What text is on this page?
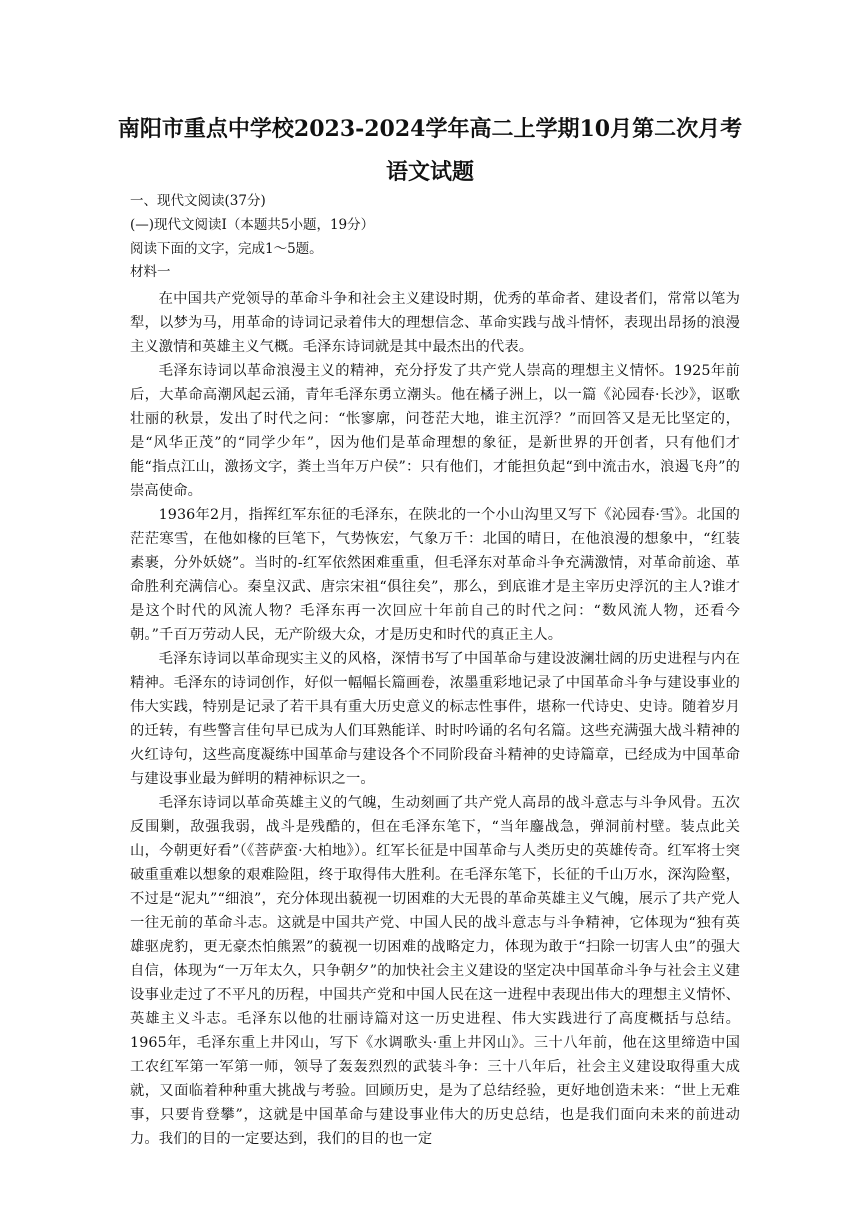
南阳市重点中学校2023-2024学年高二上学期10月第二次月考
语文试题

一、现代文阅读(37分)

(—)现代文阅读Ⅰ（本题共5小题，19分）

阅读下面的文字，完成1～5题。

材料一

在中国共产党领导的革命斗争和社会主义建设时期，优秀的革命者、建设者们，常常以笔为犁，以梦为马，用革命的诗词记录着伟大的理想信念、革命实践与战斗情怀，表现出昂扬的浪漫主义激情和英雄主义气概。毛泽东诗词就是其中最杰出的代表。

毛泽东诗词以革命浪漫主义的精神，充分抒发了共产党人崇高的理想主义情怀。1925年前后，大革命高潮风起云涌，青年毛泽东勇立潮头。他在橘子洲上，以一篇《沁园春·长沙》，讴歌壮丽的秋景，发出了时代之问：“怅寥廓，问苍茫大地，谁主沉浮？”而回答又是无比坚定的，是“风华正茂”的“同学少年”，因为他们是革命理想的象征，是新世界的开创者，只有他们才能“指点江山，激扬文字，粪土当年万户侯”：只有他们，才能担负起“到中流击水，浪遏飞舟”的崇高使命。

1936年2月，指挥红军东征的毛泽东，在陕北的一个小山沟里又写下《沁园春·雪》。北国的茫茫寒雪，在他如椽的巨笔下，气势恢宏，气象万千：北国的晴日，在他浪漫的想象中，“红装素裹，分外妖娆”。当时的-红军依然困难重重，但毛泽东对革命斗争充满激情，对革命前途、革命胜利充满信心。秦皇汉武、唐宗宋祖“俱往矣”，那么，到底谁才是主宰历史浮沉的主人?谁才是这个时代的风流人物？毛泽东再一次回应十年前自己的时代之问：“数风流人物，还看今朝。”千百万劳动人民，无产阶级大众，才是历史和时代的真正主人。

毛泽东诗词以革命现实主义的风格，深情书写了中国革命与建设波澜壮阔的历史进程与内在精神。毛泽东的诗词创作，好似一幅幅长篇画卷，浓墨重彩地记录了中国革命斗争与建设事业的伟大实践，特别是记录了若干具有重大历史意义的标志性事件，堪称一代诗史、史诗。随着岁月的迁转，有些警言佳句早已成为人们耳熟能详、时时吟诵的名句名篇。这些充满强大战斗精神的火红诗句，这些高度凝练中国革命与建设各个不同阶段奋斗精神的史诗篇章，已经成为中国革命与建设事业最为鲜明的精神标识之一。

毛泽东诗词以革命英雄主义的气魄，生动刻画了共产党人高昂的战斗意志与斗争风骨。五次反围剿，敌强我弱，战斗是残酷的，但在毛泽东笔下，“当年鏖战急，弹洞前村壁。装点此关山，今朝更好看”（《菩萨蛮·大柏地》）。红军长征是中国革命与人类历史的英雄传奇。红军将士突破重重难以想象的艰难险阻，终于取得伟大胜利。在毛泽东笔下，长征的千山万水，深沟险壑，不过是“泥丸”“细浪”，充分体现出藐视一切困难的大无畏的革命英雄主义气魄，展示了共产党人一往无前的革命斗志。这就是中国共产党、中国人民的战斗意志与斗争精神，它体现为“独有英雄驱虎豹，更无豪杰怕熊罴”的藐视一切困难的战略定力，体现为敢于“扫除一切害人虫”的强大自信，体现为“一万年太久，只争朝夕”的加快社会主义建设的坚定决中国革命斗争与社会主义建设事业走过了不平凡的历程，中国共产党和中国人民在这一进程中表现出伟大的理想主义情怀、英雄主义斗志。毛泽东以他的壮丽诗篇对这一历史进程、伟大实践进行了高度概括与总结。1965年，毛泽东重上井冈山，写下《水调歌头·重上井冈山》。三十八年前，他在这里缔造中国工农红军第一军第一师，领导了轰轰烈烈的武装斗争：三十八年后，社会主义建设取得重大成就，又面临着种种重大挑战与考验。回顾历史，是为了总结经验，更好地创造未来：“世上无难事，只要肯登攀”，这就是中国革命与建设事业伟大的历史总结，也是我们面向未来的前进动力。我们的目的一定要达到，我们的目的也一定
